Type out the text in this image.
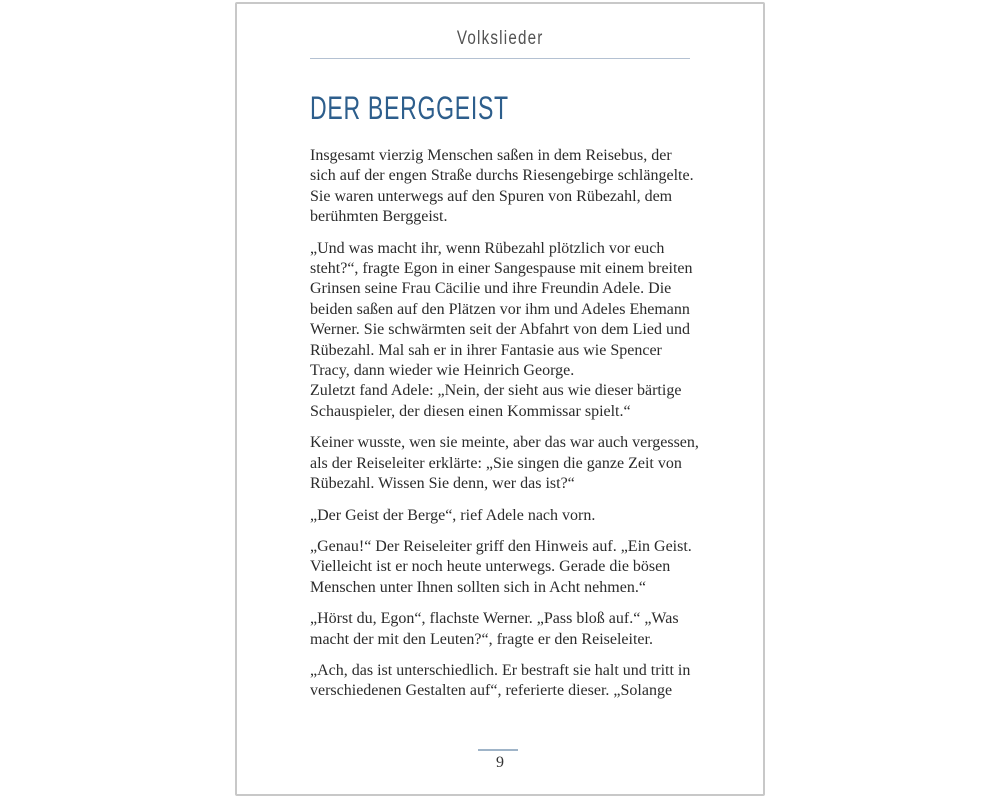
Volkslieder
DER BERGGEIST
Insgesamt vierzig Menschen saßen in dem Reisebus, der
sich auf der engen Straße durchs Riesengebirge schlängelte.
Sie waren unterwegs auf den Spuren von Rübezahl, dem
berühmten Berggeist.
„Und was macht ihr, wenn Rübezahl plötzlich vor euch
steht?“, fragte Egon in einer Sangespause mit einem breiten
Grinsen seine Frau Cäcilie und ihre Freundin Adele. Die
beiden saßen auf den Plätzen vor ihm und Adeles Ehemann
Werner. Sie schwärmten seit der Abfahrt von dem Lied und
Rübezahl. Mal sah er in ihrer Fantasie aus wie Spencer
Tracy, dann wieder wie Heinrich George.
Zuletzt fand Adele: „Nein, der sieht aus wie dieser bärtige
Schauspieler, der diesen einen Kommissar spielt.“
Keiner wusste, wen sie meinte, aber das war auch vergessen,
als der Reiseleiter erklärte: „Sie singen die ganze Zeit von
Rübezahl. Wissen Sie denn, wer das ist?“
„Der Geist der Berge“, rief Adele nach vorn.
„Genau!“ Der Reiseleiter griff den Hinweis auf. „Ein Geist.
Vielleicht ist er noch heute unterwegs. Gerade die bösen
Menschen unter Ihnen sollten sich in Acht nehmen.“
„Hörst du, Egon“, flachste Werner. „Pass bloß auf.“ „Was
macht der mit den Leuten?“, fragte er den Reiseleiter.
„Ach, das ist unterschiedlich. Er bestraft sie halt und tritt in
verschiedenen Gestalten auf“, referierte dieser. „Solange
9
